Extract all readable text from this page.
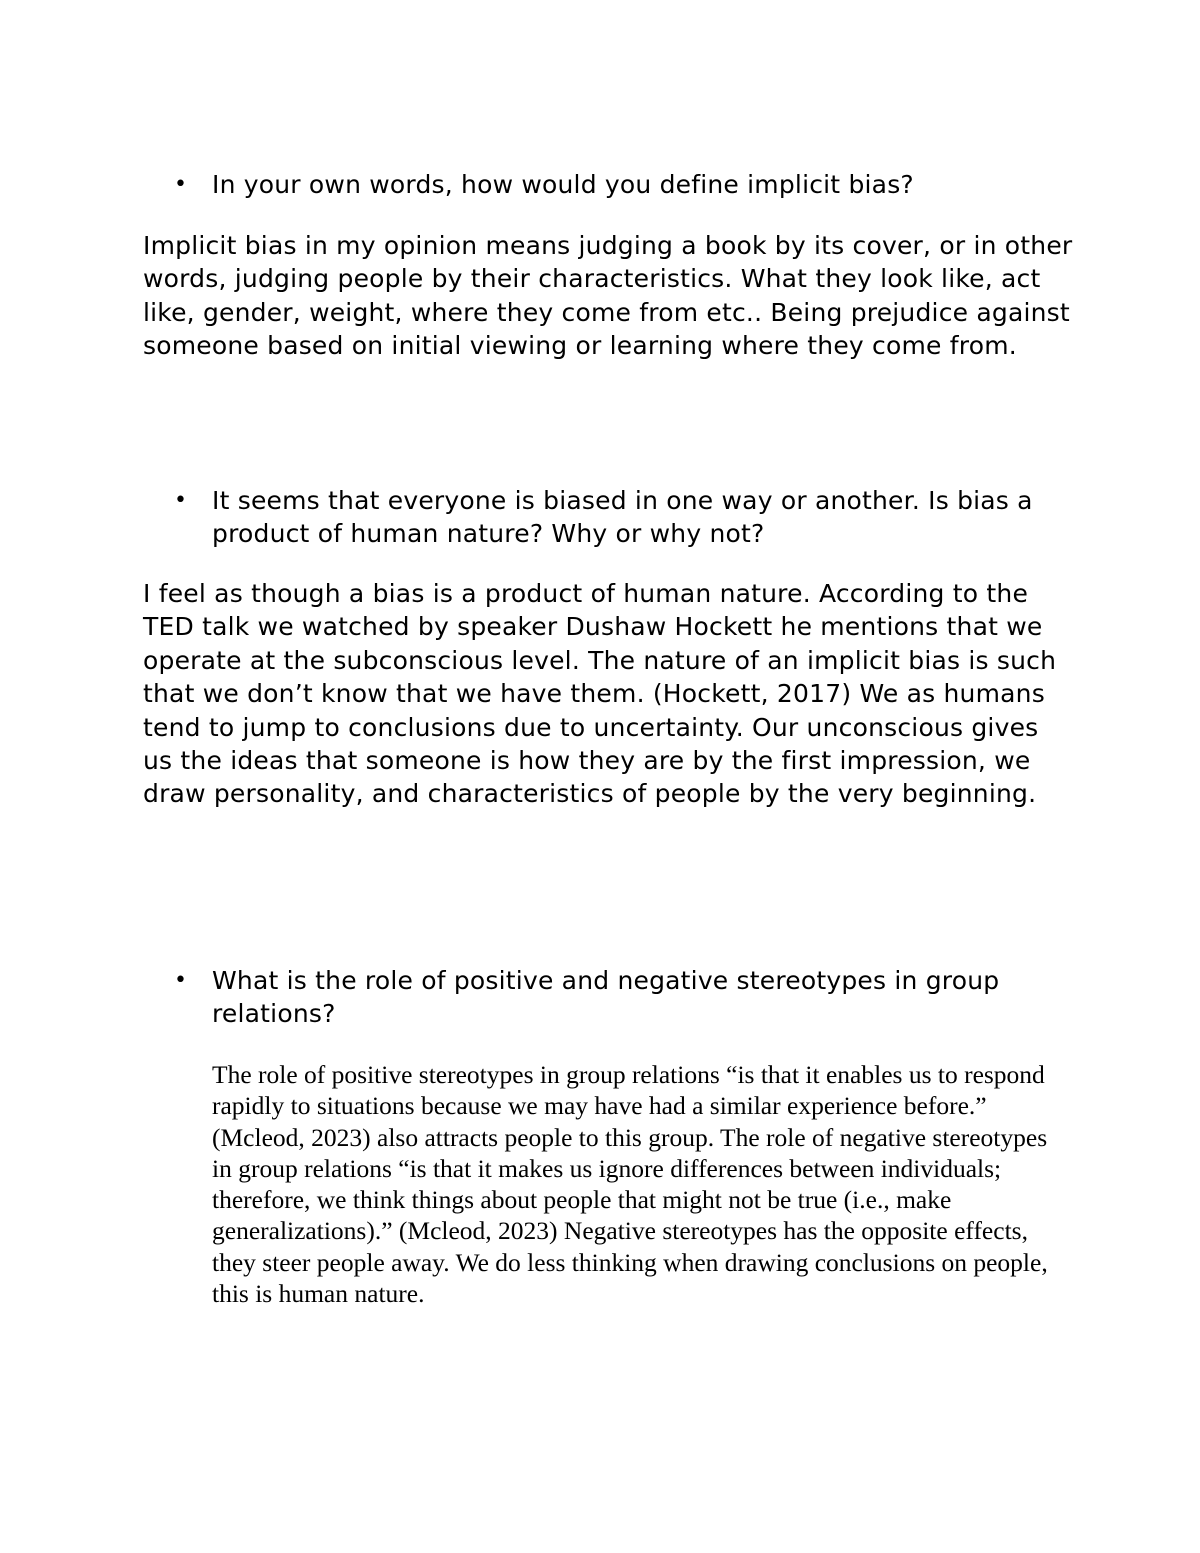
• In your own words, how would you define implicit bias?
Implicit bias in my opinion means judging a book by its cover, or in other words, judging people by their characteristics. What they look like, act like, gender, weight, where they come from etc.. Being prejudice against someone based on initial viewing or learning where they come from.
• It seems that everyone is biased in one way or another. Is bias a product of human nature? Why or why not?
I feel as though a bias is a product of human nature. According to the TED talk we watched by speaker Dushaw Hockett he mentions that we operate at the subconscious level. The nature of an implicit bias is such that we don’t know that we have them. (Hockett, 2017) We as humans tend to jump to conclusions due to uncertainty. Our unconscious gives us the ideas that someone is how they are by the first impression, we draw personality, and characteristics of people by the very beginning.
• What is the role of positive and negative stereotypes in group relations?
The role of positive stereotypes in group relations “is that it enables us to respond rapidly to situations because we may have had a similar experience before.” (Mcleod, 2023) also attracts people to this group. The role of negative stereotypes in group relations “is that it makes us ignore differences between individuals; therefore, we think things about people that might not be true (i.e., make generalizations).” (Mcleod, 2023) Negative stereotypes has the opposite effects, they steer people away. We do less thinking when drawing conclusions on people, this is human nature.
